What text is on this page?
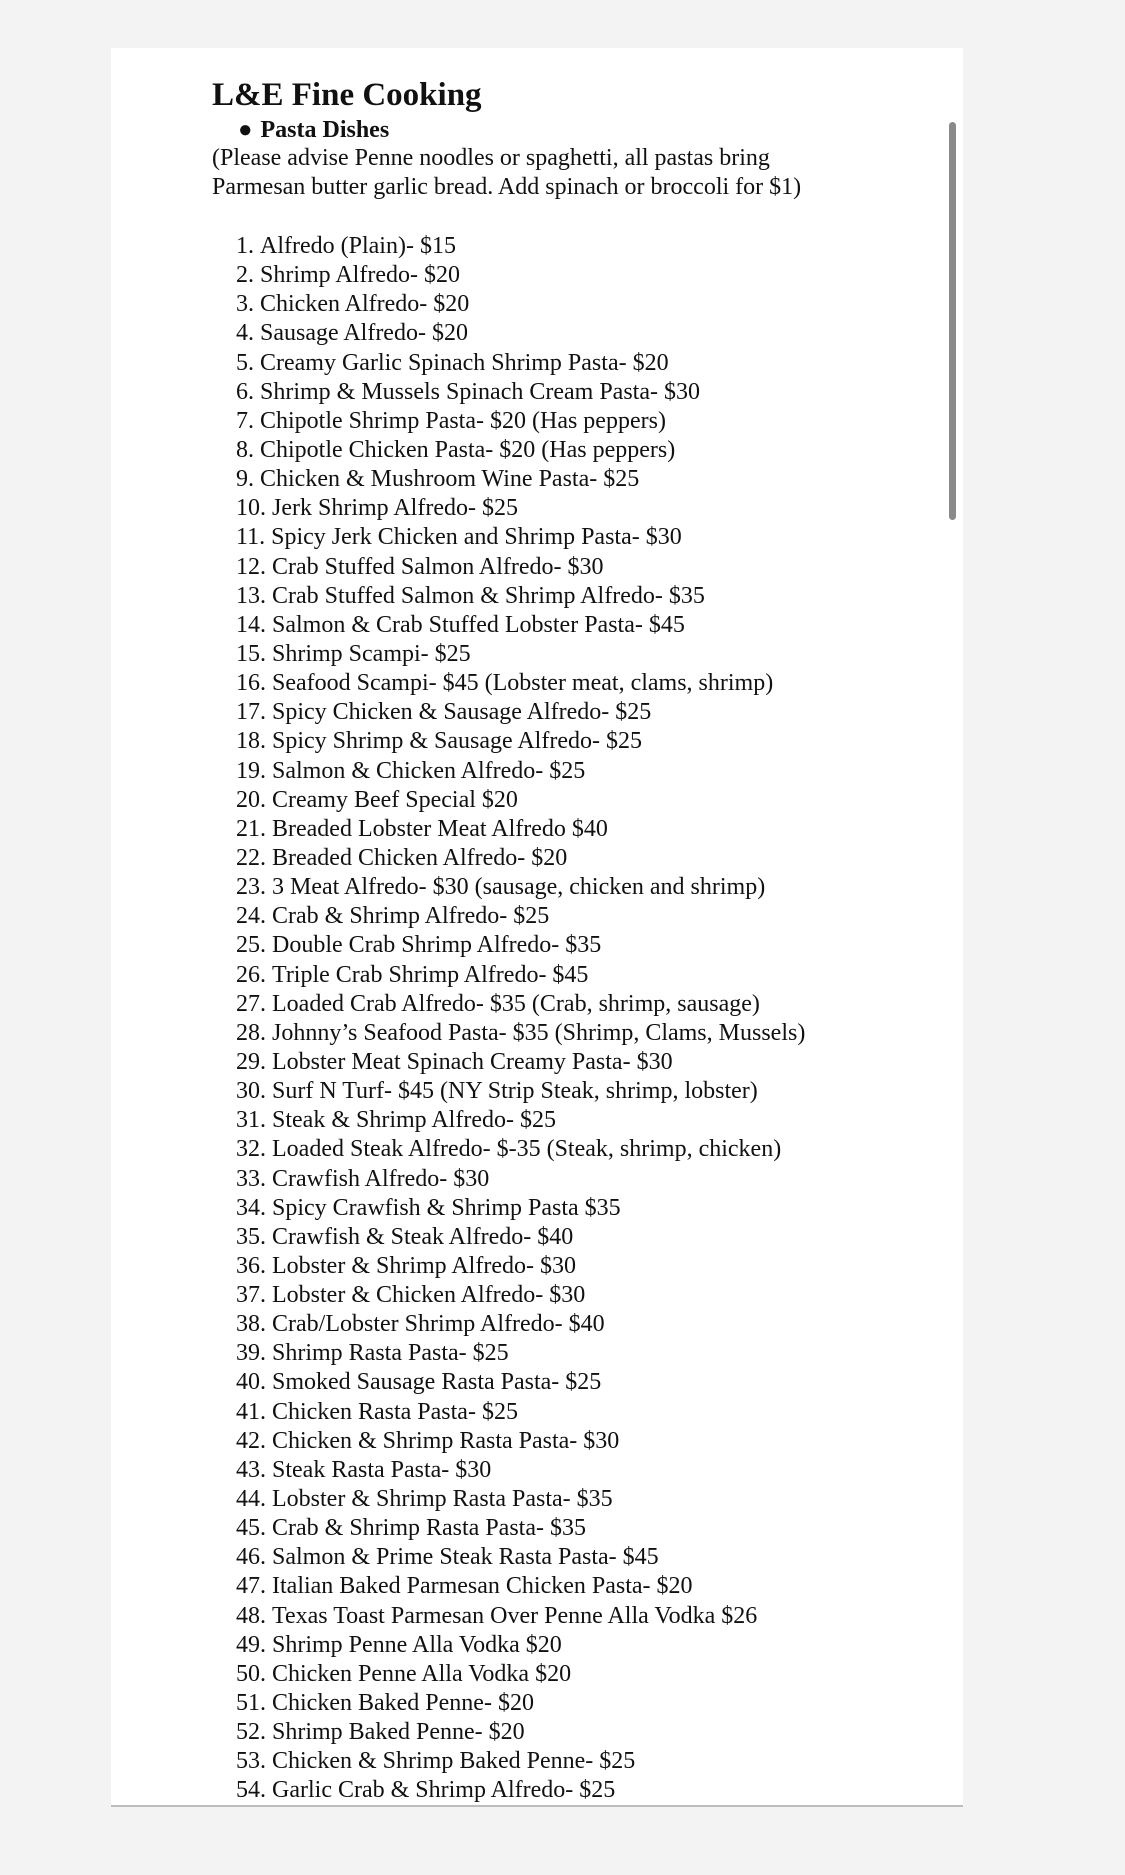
L&E Fine Cooking
● Pasta Dishes
(Please advise Penne noodles or spaghetti, all pastas bring
Parmesan butter garlic bread. Add spinach or broccoli for $1)
1. Alfredo (Plain)- $15
2. Shrimp Alfredo- $20
3. Chicken Alfredo- $20
4. Sausage Alfredo- $20
5. Creamy Garlic Spinach Shrimp Pasta- $20
6. Shrimp & Mussels Spinach Cream Pasta- $30
7. Chipotle Shrimp Pasta- $20 (Has peppers)
8. Chipotle Chicken Pasta- $20 (Has peppers)
9. Chicken & Mushroom Wine Pasta- $25
10. Jerk Shrimp Alfredo- $25
11. Spicy Jerk Chicken and Shrimp Pasta- $30
12. Crab Stuffed Salmon Alfredo- $30
13. Crab Stuffed Salmon & Shrimp Alfredo- $35
14. Salmon & Crab Stuffed Lobster Pasta- $45
15. Shrimp Scampi- $25
16. Seafood Scampi- $45 (Lobster meat, clams, shrimp)
17. Spicy Chicken & Sausage Alfredo- $25
18. Spicy Shrimp & Sausage Alfredo- $25
19. Salmon & Chicken Alfredo- $25
20. Creamy Beef Special $20
21. Breaded Lobster Meat Alfredo $40
22. Breaded Chicken Alfredo- $20
23. 3 Meat Alfredo- $30 (sausage, chicken and shrimp)
24. Crab & Shrimp Alfredo- $25
25. Double Crab Shrimp Alfredo- $35
26. Triple Crab Shrimp Alfredo- $45
27. Loaded Crab Alfredo- $35 (Crab, shrimp, sausage)
28. Johnny’s Seafood Pasta- $35 (Shrimp, Clams, Mussels)
29. Lobster Meat Spinach Creamy Pasta- $30
30. Surf N Turf- $45 (NY Strip Steak, shrimp, lobster)
31. Steak & Shrimp Alfredo- $25
32. Loaded Steak Alfredo- $-35 (Steak, shrimp, chicken)
33. Crawfish Alfredo- $30
34. Spicy Crawfish & Shrimp Pasta $35
35. Crawfish & Steak Alfredo- $40
36. Lobster & Shrimp Alfredo- $30
37. Lobster & Chicken Alfredo- $30
38. Crab/Lobster Shrimp Alfredo- $40
39. Shrimp Rasta Pasta- $25
40. Smoked Sausage Rasta Pasta- $25
41. Chicken Rasta Pasta- $25
42. Chicken & Shrimp Rasta Pasta- $30
43. Steak Rasta Pasta- $30
44. Lobster & Shrimp Rasta Pasta- $35
45. Crab & Shrimp Rasta Pasta- $35
46. Salmon & Prime Steak Rasta Pasta- $45
47. Italian Baked Parmesan Chicken Pasta- $20
48. Texas Toast Parmesan Over Penne Alla Vodka $26
49. Shrimp Penne Alla Vodka $20
50. Chicken Penne Alla Vodka $20
51. Chicken Baked Penne- $20
52. Shrimp Baked Penne- $20
53. Chicken & Shrimp Baked Penne- $25
54. Garlic Crab & Shrimp Alfredo- $25
